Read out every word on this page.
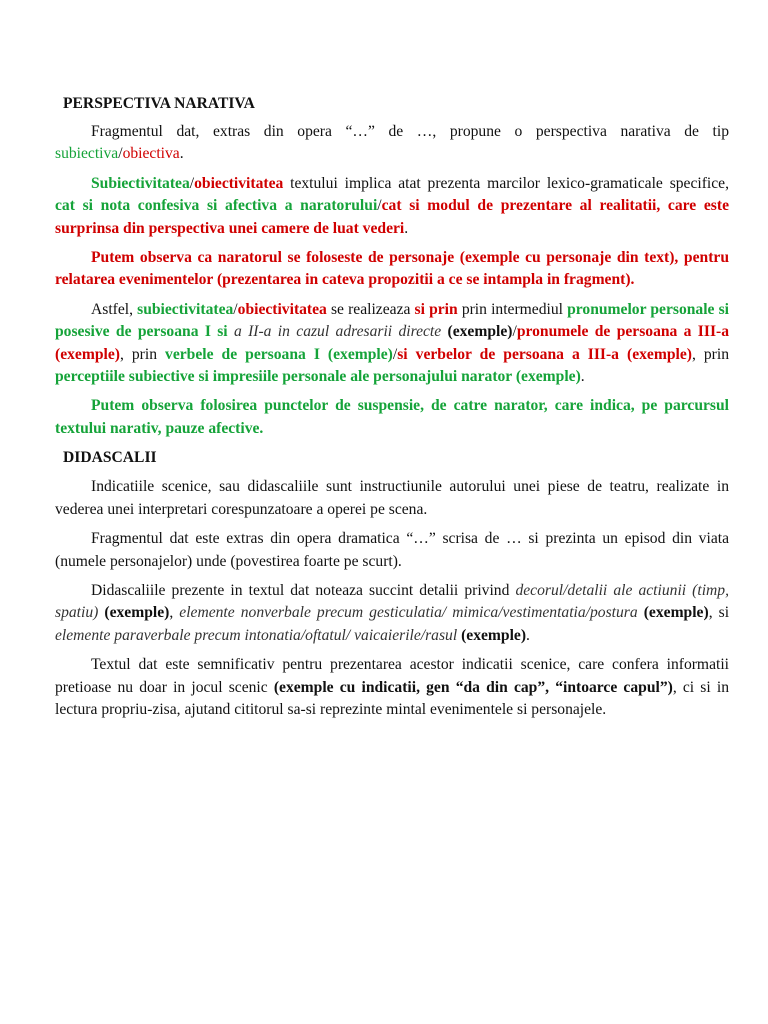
PERSPECTIVA NARATIVA

Fragmentul dat, extras din opera “…” de …, propune o perspectiva narativa de tip subiectiva/obiectiva.

Subiectivitatea/obiectivitatea textului implica atat prezenta marcilor lexico-gramaticale specifice, cat si nota confesiva si afectiva a naratorului/cat si modul de prezentare al realitatii, care este surprinsa din perspectiva unei camere de luat vederi.

Putem observa ca naratorul se foloseste de personaje (exemple cu personaje din text), pentru relatarea evenimentelor (prezentarea in cateva propozitii a ce se intampla in fragment).

Astfel, subiectivitatea/obiectivitatea se realizeaza si prin prin intermediul pronumelor personale si posesive de persoana I si a II-a in cazul adresarii directe (exemple)/pronumele de persoana a III-a (exemple), prin verbele de persoana I (exemple)/si verbelor de persoana a III-a (exemple), prin perceptiile subiective si impresiile personale ale personajului narator (exemple).

Putem observa folosirea punctelor de suspensie, de catre narator, care indica, pe parcursul textului narativ, pauze afective.

DIDASCALII

Indicatiile scenice, sau didascaliile sunt instructiunile autorului unei piese de teatru, realizate in vederea unei interpretari corespunzatoare a operei pe scena.

Fragmentul dat este extras din opera dramatica “…” scrisa de … si prezinta un episod din viata (numele personajelor) unde (povestirea foarte pe scurt).

Didascaliile prezente in textul dat noteaza succint detalii privind decorul/detalii ale actiunii (timp, spatiu) (exemple), elemente nonverbale precum gesticulatia/ mimica/vestimentatia/postura (exemple), si elemente paraverbale precum intonatia/oftatul/ vaicaierile/rasul (exemple).

Textul dat este semnificativ pentru prezentarea acestor indicatii scenice, care confera informatii pretioase nu doar in jocul scenic (exemple cu indicatii, gen “da din cap”, “intoarce capul”), ci si in lectura propriu-zisa, ajutand cititorul sa-si reprezinte mintal evenimentele si personajele.
